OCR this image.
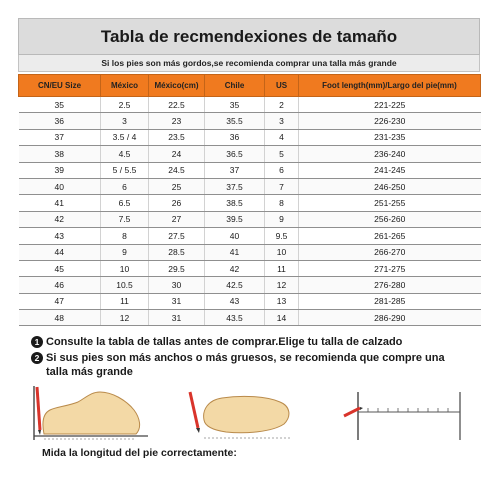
Tabla de recmendexiones de tamaño
Si los pies son más gordos,se recomienda comprar una talla más grande
CN/EU Size	México	México(cm)	Chile	US	Foot length(mm)/Largo del pie(mm)
35	2.5	22.5	35	2	221-225
36	3	23	35.5	3	226-230
37	3.5 / 4	23.5	36	4	231-235
38	4.5	24	36.5	5	236-240
39	5 / 5.5	24.5	37	6	241-245
40	6	25	37.5	7	246-250
41	6.5	26	38.5	8	251-255
42	7.5	27	39.5	9	256-260
43	8	27.5	40	9.5	261-265
44	9	28.5	41	10	266-270
45	10	29.5	42	11	271-275
46	10.5	30	42.5	12	276-280
47	11	31	43	13	281-285
48	12	31	43.5	14	286-290
1 Consulte la tabla de tallas antes de comprar.Elige tu talla de calzado
2 Si sus pies son más anchos o más gruesos, se recomienda que compre una
talla más grande
Mida la longitud del pie correctamente:
